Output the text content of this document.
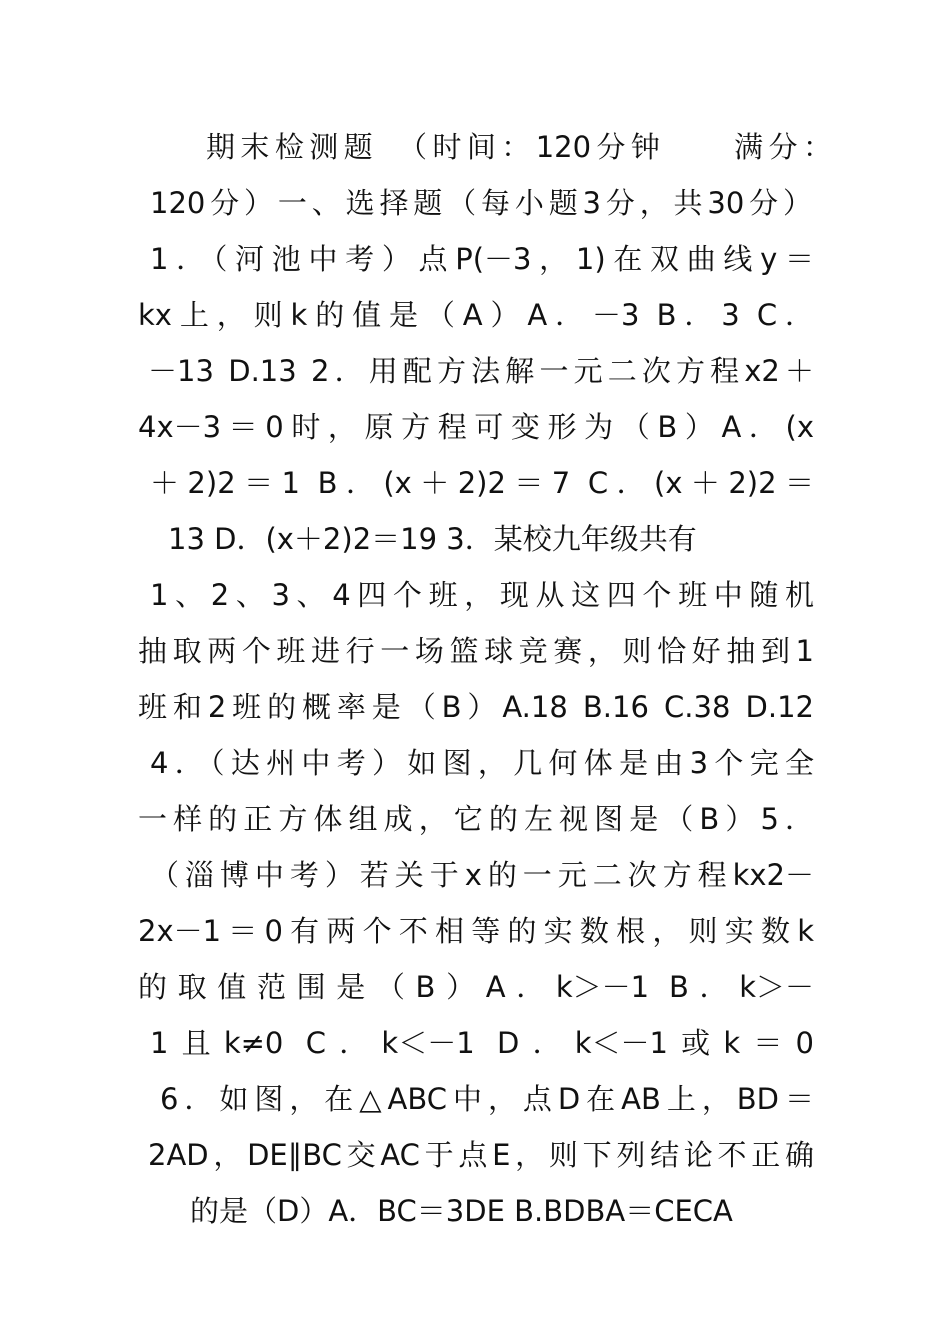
期末检测题　（时间：120分钟　　满分：
120分）一、选择题（每小题3分，共30分）
1．（河池中考）点P(－3，1)在双曲线y＝
kx上，则k的值是（A）A．－3 B．3 C．
－13 D.13 2．用配方法解一元二次方程x2＋
4x－3＝0时，原方程可变形为（B）A．(x
＋2)2＝1 B．(x＋2)2＝7 C．(x＋2)2＝
13 D．(x＋2)2＝19 3．某校九年级共有
1、2、3、4四个班，现从这四个班中随机
抽取两个班进行一场篮球竞赛，则恰好抽到1
班和2班的概率是（B）A.18 B.16 C.38 D.12
4．（达州中考）如图，几何体是由3个完全
一样的正方体组成，它的左视图是（B）5．
（淄博中考）若关于x的一元二次方程kx2－
2x－1＝0有两个不相等的实数根，则实数k
的取值范围是（B）A．k＞－1 B．k＞－
1且k≠0 C．k＜－1 D．k＜－1或k＝0
6．如图，在△ABC中，点D在AB上，BD＝
2AD，DE∥BC交AC于点E，则下列结论不正确
的是（D）A．BC＝3DE B.BDBA＝CECA
